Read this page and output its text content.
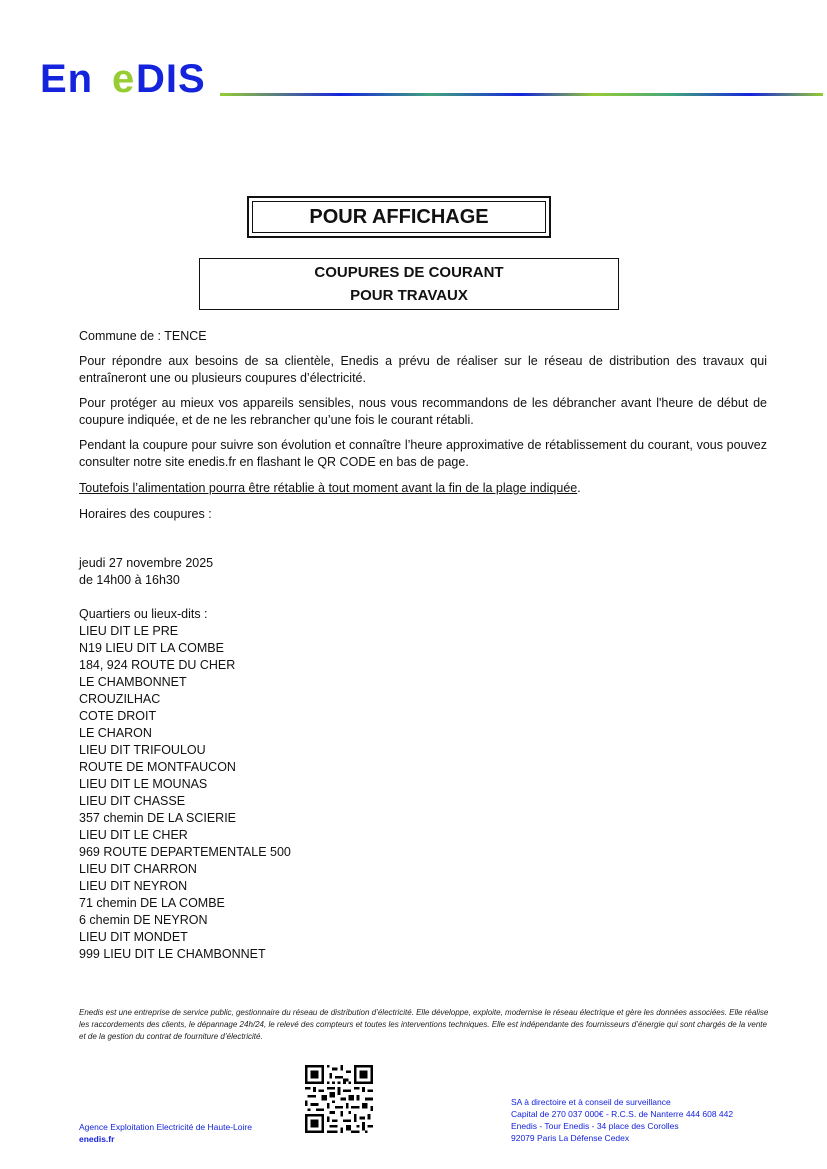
En e DIS
POUR AFFICHAGE
COUPURES DE COURANT
POUR TRAVAUX
Commune de : TENCE
Pour répondre aux besoins de sa clientèle, Enedis a prévu de réaliser sur le réseau de distribution des travaux qui entraîneront une ou plusieurs coupures d’électricité.
Pour protéger au mieux vos appareils sensibles, nous vous recommandons de les débrancher avant l'heure de début de coupure indiquée, et de ne les rebrancher qu’une fois le courant rétabli.
Pendant la coupure pour suivre son évolution et connaître l’heure approximative de rétablissement du courant, vous pouvez consulter notre site enedis.fr en flashant le QR CODE en bas de page.
Toutefois l’alimentation pourra être rétablie à tout moment avant la fin de la plage indiquée.
Horaires des coupures :
jeudi 27 novembre 2025
de 14h00 à 16h30
Quartiers ou lieux-dits :
LIEU DIT LE PRE
N19 LIEU DIT LA COMBE
184, 924 ROUTE DU CHER
LE CHAMBONNET
CROUZILHAC
COTE DROIT
LE CHARON
LIEU DIT TRIFOULOU
ROUTE DE MONTFAUCON
LIEU DIT LE MOUNAS
LIEU DIT CHASSE
357 chemin DE LA SCIERIE
LIEU DIT LE CHER
969 ROUTE DEPARTEMENTALE 500
LIEU DIT CHARRON
LIEU DIT NEYRON
71 chemin DE LA COMBE
6 chemin DE NEYRON
LIEU DIT MONDET
999 LIEU DIT LE CHAMBONNET
Enedis est une entreprise de service public, gestionnaire du réseau de distribution d’électricité. Elle développe, exploite, modernise le réseau électrique et gère les données associées. Elle réalise les raccordements des clients, le dépannage 24h/24, le relevé des compteurs et toutes les interventions techniques. Elle est indépendante des fournisseurs d’énergie qui sont chargés de la vente et de la gestion du contrat de fourniture d’électricité.
Agence Exploitation Electricité de Haute-Loire
enedis.fr
SA à directoire et à conseil de surveillance
Capital de 270 037 000€ - R.C.S. de Nanterre 444 608 442
Enedis - Tour Enedis - 34 place des Corolles
92079 Paris La Défense Cedex
